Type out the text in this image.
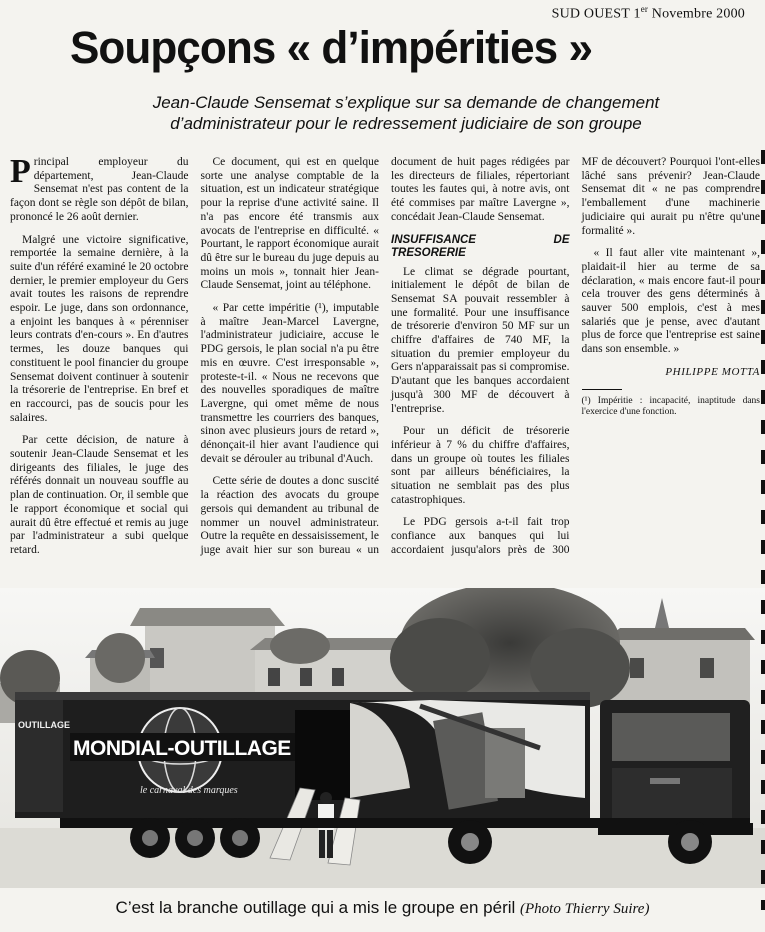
SUD OUEST 1er Novembre 2000
Soupçons « d’impérities »

Jean-Claude Sensemat s’explique sur sa demande de changement d’administrateur pour le redressement judiciaire de son groupe

Principal employeur du département, Jean-Claude Sensemat n'est pas content de la façon dont se règle son dépôt de bilan, prononcé le 26 août dernier.

Malgré une victoire significative, remportée la semaine dernière, à la suite d'un référé examiné le 20 octobre dernier, le premier employeur du Gers avait toutes les raisons de reprendre espoir. Le juge, dans son ordonnance, a enjoint les banques à « pérenniser leurs contrats d'en-cours ». En d'autres termes, les douze banques qui constituent le pool financier du groupe Sensemat doivent continuer à soutenir la trésorerie de l'entreprise. En bref et en raccourci, pas de soucis pour les salaires.

Par cette décision, de nature à soutenir Jean-Claude Sensemat et les dirigeants des filiales, le juge des référés donnait un nouveau souffle au plan de continuation. Or, il semble que le rapport économique et social qui aurait dû être effectué et remis au juge par l'administrateur a subi quelque retard.

Ce document, qui est en quelque sorte une analyse comptable de la situation, est un indicateur stratégique pour la reprise d'une activité saine. Il n'a pas encore été transmis aux avocats de l'entreprise en difficulté. « Pourtant, le rapport économique aurait dû être sur le bureau du juge depuis au moins un mois », tonnait hier Jean-Claude Sensemat, joint au téléphone.

« Par cette impéritie (¹), imputable à maître Jean-Marcel Lavergne, l'administrateur judiciaire, accuse le PDG gersois, le plan social n'a pu être mis en œuvre. C'est irresponsable », proteste-t-il. « Nous ne recevons que des nouvelles sporadiques de maître Lavergne, qui omet même de nous transmettre les courriers des banques, sinon avec plusieurs jours de retard », dénonçait-il hier avant l'audience qui devait se dérouler au tribunal d'Auch.

Cette série de doutes a donc suscité la réaction des avocats du groupe gersois qui demandent au tribunal de nommer un nouvel administrateur. Outre la requête en dessaisissement, le juge avait hier sur son bureau « un document de huit pages rédigées par les directeurs de filiales, répertoriant toutes les fautes qui, à notre avis, ont été commises par maître Lavergne », concédait Jean-Claude Sensemat.

INSUFFISANCE DE TRESORERIE

Le climat se dégrade pourtant, initialement le dépôt de bilan de Sensemat SA pouvait ressembler à une formalité. Pour une insuffisance de trésorerie d'environ 50 MF sur un chiffre d'affaires de 740 MF, la situation du premier employeur du Gers n'apparaissait pas si compromise. D'autant que les banques accordaient jusqu'à 300 MF de découvert à l'entreprise.

Pour un déficit de trésorerie inférieur à 7 % du chiffre d'affaires, dans un groupe où toutes les filiales sont par ailleurs bénéficiaires, la situation ne semblait pas des plus catastrophiques.

Le PDG gersois a-t-il fait trop confiance aux banques qui lui accordaient jusqu'alors près de 300 MF de découvert? Pourquoi l'ont-elles lâché sans prévenir? Jean-Claude Sensemat dit « ne pas comprendre l'emballement d'une machinerie judiciaire qui aurait pu n'être qu'une formalité ».

« Il faut aller vite maintenant », plaidait-il hier au terme de sa déclaration, « mais encore faut-il pour cela trouver des gens déterminés à sauver 500 emplois, c'est à mes salariés que je pense, avec d'autant plus de force que l'entreprise est saine dans son ensemble. »

PHILIPPE MOTTA

(¹) Impéritie : incapacité, inaptitude dans l'exercice d'une fonction.

OUTILLAGE
MONDIAL-OUTILLAGE
le carnaval des marques
C’est la branche outillage qui a mis le groupe en péril (Photo Thierry Suire)
